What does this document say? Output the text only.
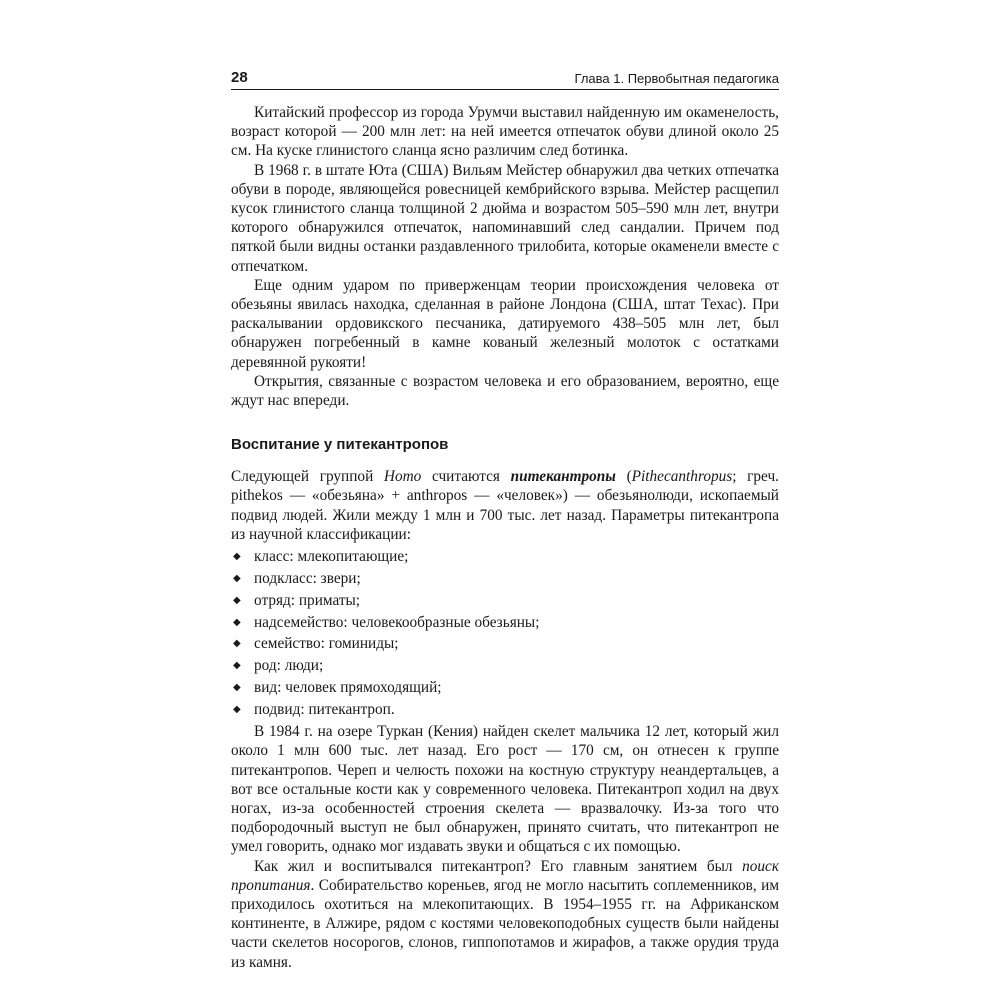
28	Глава 1. Первобытная педагогика

Китайский профессор из города Урумчи выставил найденную им окаменелость, возраст которой — 200 млн лет: на ней имеется отпечаток обуви длиной около 25 см. На куске глинистого сланца ясно различим след ботинка.

В 1968 г. в штате Юта (США) Вильям Мейстер обнаружил два четких отпечатка обуви в породе, являющейся ровесницей кембрийского взрыва. Мейстер расщепил кусок глинистого сланца толщиной 2 дюйма и возрастом 505–590 млн лет, внутри которого обнаружился отпечаток, напоминавший след сандалии. Причем под пяткой были видны останки раздавленного трилобита, которые окаменели вместе с отпечатком.

Еще одним ударом по приверженцам теории происхождения человека от обезьяны явилась находка, сделанная в районе Лондона (США, штат Техас). При раскалывании ордовикского песчаника, датируемого 438–505 млн лет, был обнаружен погребенный в камне кованый железный молоток с остатками деревянной рукояти!

Открытия, связанные с возрастом человека и его образованием, вероятно, еще ждут нас впереди.

Воспитание у питекантропов

Следующей группой Homo считаются питекантропы (Pithecanthropus; греч. pithekos — «обезьяна» + anthropos — «человек») — обезьянолюди, ископаемый подвид людей. Жили между 1 млн и 700 тыс. лет назад. Параметры питекантропа из научной классификации:

◆ класс: млекопитающие;
◆ подкласс: звери;
◆ отряд: приматы;
◆ надсемейство: человекообразные обезьяны;
◆ семейство: гоминиды;
◆ род: люди;
◆ вид: человек прямоходящий;
◆ подвид: питекантроп.

В 1984 г. на озере Туркан (Кения) найден скелет мальчика 12 лет, который жил около 1 млн 600 тыс. лет назад. Его рост — 170 см, он отнесен к группе питекантропов. Череп и челюсть похожи на костную структуру неандертальцев, а вот все остальные кости как у современного человека. Питекантроп ходил на двух ногах, из-за особенностей строения скелета — вразвалочку. Из-за того что подбородочный выступ не был обнаружен, принято считать, что питекантроп не умел говорить, однако мог издавать звуки и общаться с их помощью.

Как жил и воспитывался питекантроп? Его главным занятием был поиск пропитания. Собирательство кореньев, ягод не могло насытить соплеменников, им приходилось охотиться на млекопитающих. В 1954–1955 гг. на Африканском континенте, в Алжире, рядом с костями человекоподобных существ были найдены части скелетов носорогов, слонов, гиппопотамов и жирафов, а также орудия труда из камня.
